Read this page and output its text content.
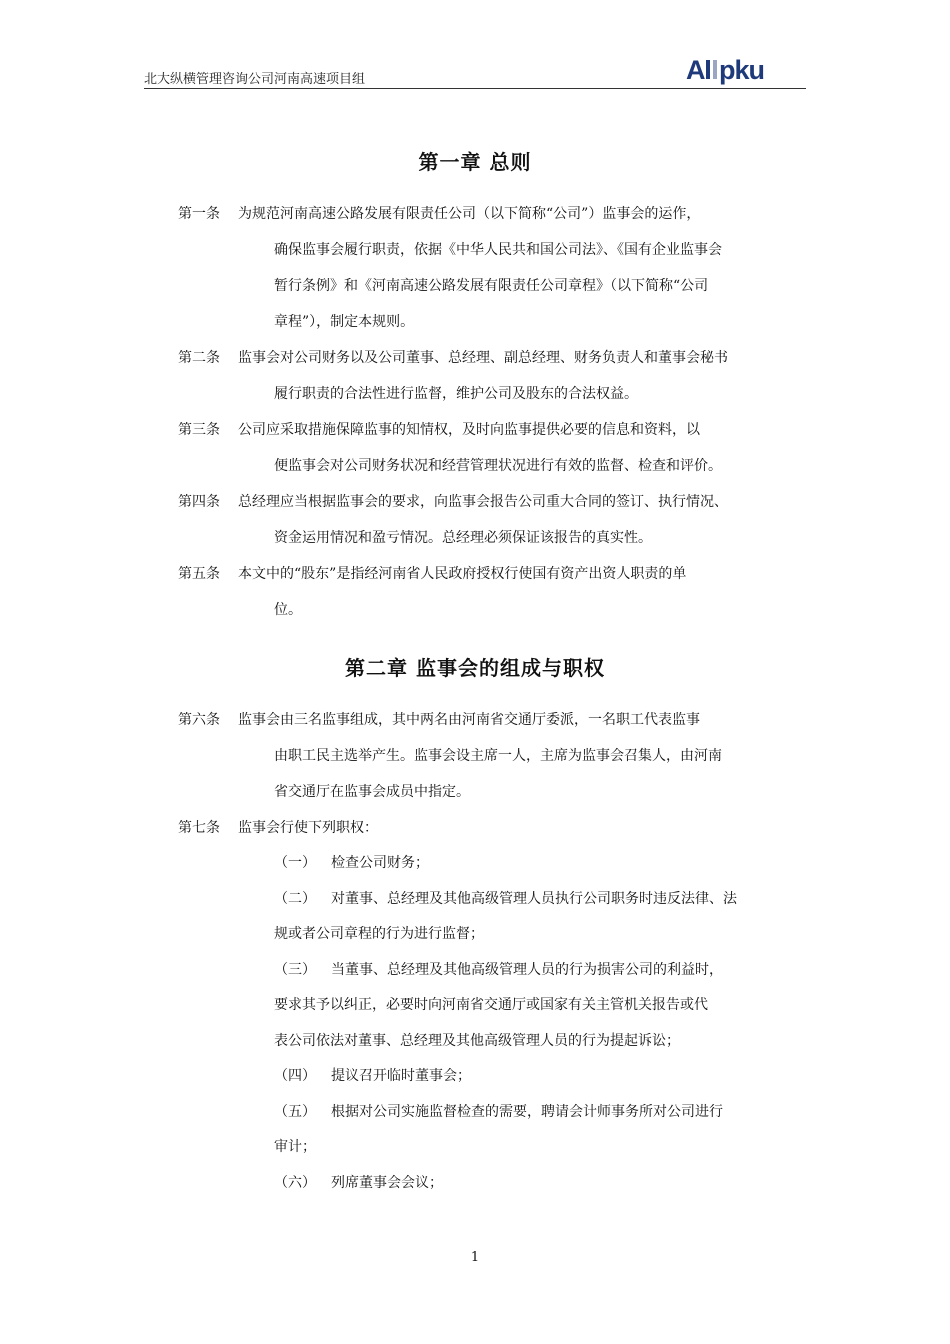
北大纵横管理咨询公司河南高速项目组	A pku
第一章 总则
第二章 监事会的组成与职权
第一条 为规范河南高速公路发展有限责任公司（以下简称“公司”）监事会的运作，
确保监事会履行职责，依据《中华人民共和国公司法》、《国有企业监事会
暂行条例》和《河南高速公路发展有限责任公司章程》（以下简称“公司
章程”），制定本规则。
第二条 监事会对公司财务以及公司董事、总经理、副总经理、财务负责人和董事会秘书
履行职责的合法性进行监督，维护公司及股东的合法权益。
第三条 公司应采取措施保障监事的知情权，及时向监事提供必要的信息和资料，以
便监事会对公司财务状况和经营管理状况进行有效的监督、检查和评价。
第四条 总经理应当根据监事会的要求，向监事会报告公司重大合同的签订、执行情况、
资金运用情况和盈亏情况。总经理必须保证该报告的真实性。
第五条 本文中的“股东”是指经河南省人民政府授权行使国有资产出资人职责的单
位。
第六条 监事会由三名监事组成，其中两名由河南省交通厅委派，一名职工代表监事
由职工民主选举产生。监事会设主席一人，主席为监事会召集人，由河南
省交通厅在监事会成员中指定。
第七条 监事会行使下列职权：
（一） 检查公司财务；
（二） 对董事、总经理及其他高级管理人员执行公司职务时违反法律、法
规或者公司章程的行为进行监督；
（三） 当董事、总经理及其他高级管理人员的行为损害公司的利益时，
要求其予以纠正，必要时向河南省交通厅或国家有关主管机关报告或代
表公司依法对董事、总经理及其他高级管理人员的行为提起诉讼；
（四） 提议召开临时董事会；
（五） 根据对公司实施监督检查的需要，聘请会计师事务所对公司进行
审计；
（六） 列席董事会会议；
1
